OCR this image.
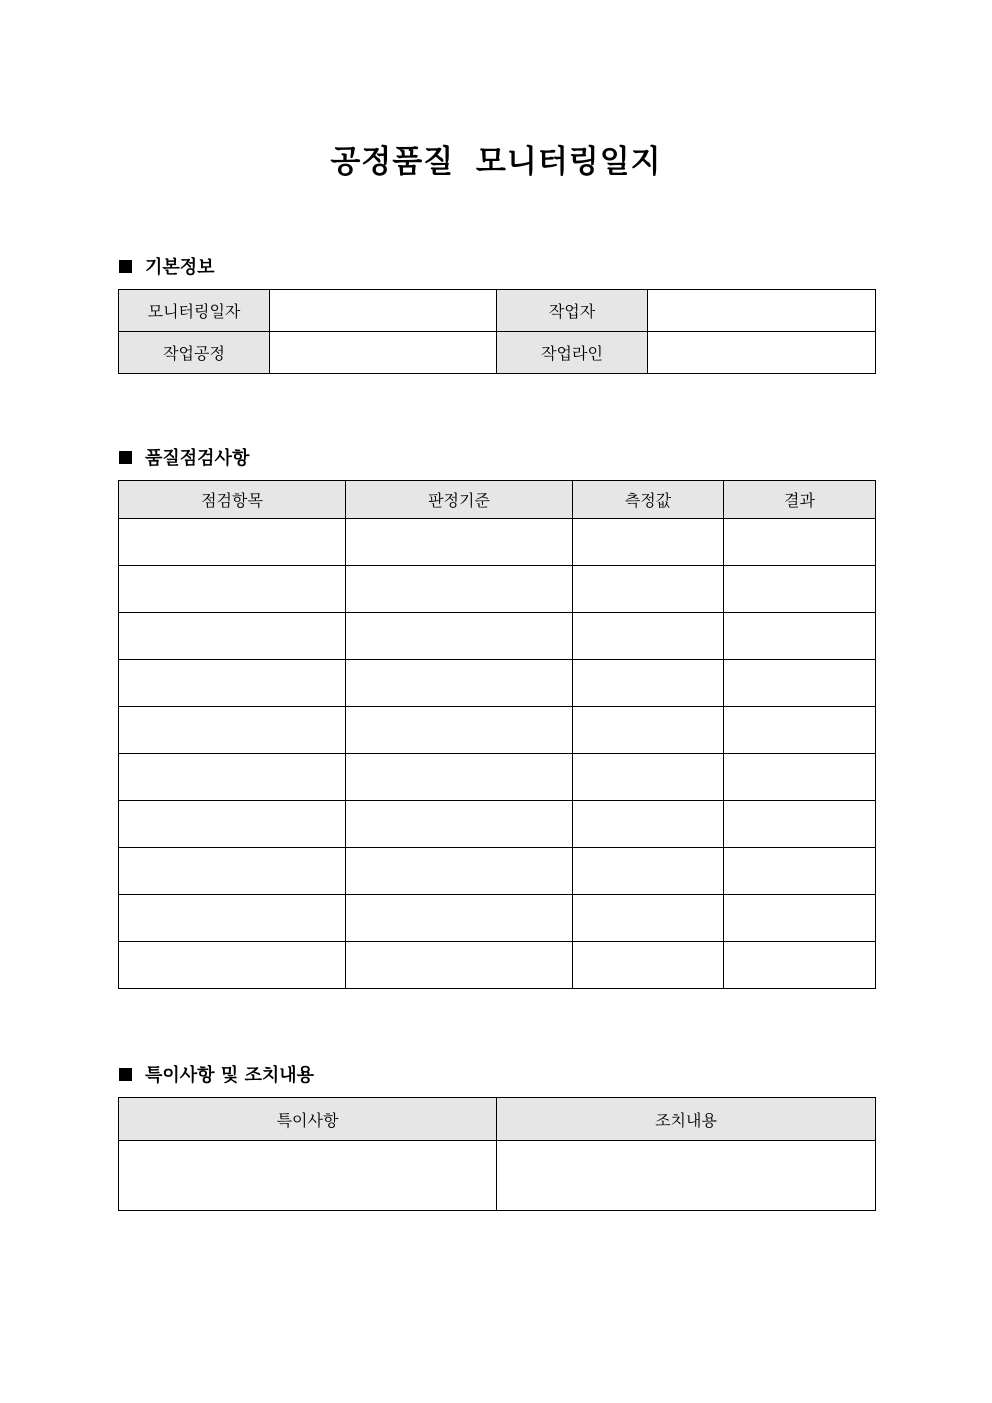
공정품질 모니터링일지
기본정보
모니터링일자		작업자	
작업공정		작업라인	
품질점검사항
점검항목	판정기준	측정값	결과

특이사항 및 조치내용
특이사항	조치내용
